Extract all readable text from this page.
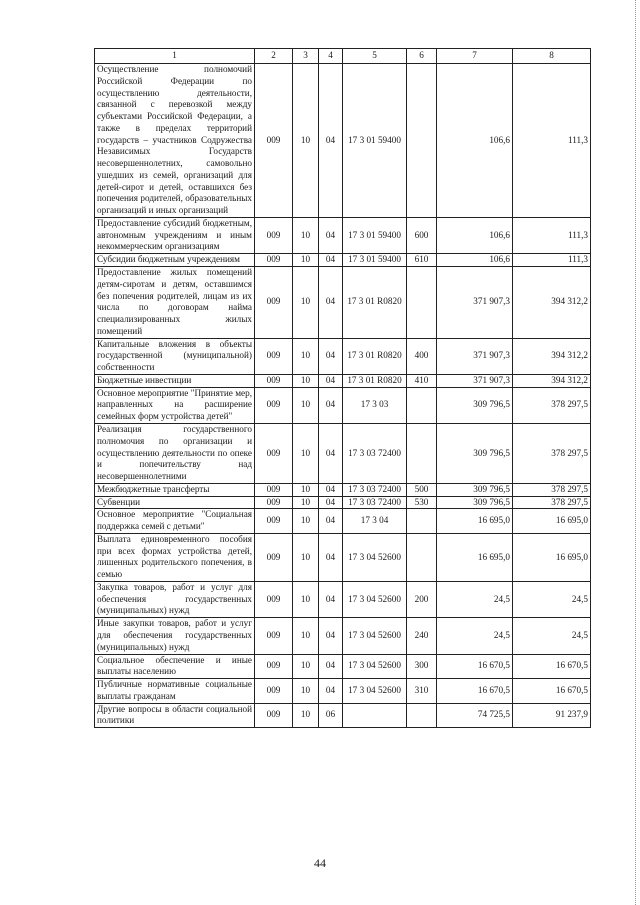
1	2	3	4	5	6	7	8
Осуществление полномочий Российской Федерации по осуществлению деятельности, связанной с перевозкой между субъектами Российской Федерации, а также в пределах территорий государств – участников Содружества Независимых Государств несовершеннолетних, самовольно ушедших из семей, организаций для детей-сирот и детей, оставшихся без попечения родителей, образовательных организаций и иных организаций	009	10	04	17 3 01 59400		106,6	111,3
Предоставление субсидий бюджетным, автономным учреждениям и иным некоммерческим организациям	009	10	04	17 3 01 59400	600	106,6	111,3
Субсидии бюджетным учреждениям	009	10	04	17 3 01 59400	610	106,6	111,3
Предоставление жилых помещений детям-сиротам и детям, оставшимся без попечения родителей, лицам из их числа по договорам найма специализированных жилых помещений	009	10	04	17 3 01 R0820		371 907,3	394 312,2
Капитальные вложения в объекты государственной (муниципальной) собственности	009	10	04	17 3 01 R0820	400	371 907,3	394 312,2
Бюджетные инвестиции	009	10	04	17 3 01 R0820	410	371 907,3	394 312,2
Основное мероприятие "Принятие мер, направленных на расширение семейных форм устройства детей"	009	10	04	17 3 03		309 796,5	378 297,5
Реализация государственного полномочия по организации и осуществлению деятельности по опеке и попечительству над несовершеннолетними	009	10	04	17 3 03 72400		309 796,5	378 297,5
Межбюджетные трансферты	009	10	04	17 3 03 72400	500	309 796,5	378 297,5
Субвенции	009	10	04	17 3 03 72400	530	309 796,5	378 297,5
Основное мероприятие "Социальная поддержка семей с детьми"	009	10	04	17 3 04		16 695,0	16 695,0
Выплата единовременного пособия при всех формах устройства детей, лишенных родительского попечения, в семью	009	10	04	17 3 04 52600		16 695,0	16 695,0
Закупка товаров, работ и услуг для обеспечения государственных (муниципальных) нужд	009	10	04	17 3 04 52600	200	24,5	24,5
Иные закупки товаров, работ и услуг для обеспечения государственных (муниципальных) нужд	009	10	04	17 3 04 52600	240	24,5	24,5
Социальное обеспечение и иные выплаты населению	009	10	04	17 3 04 52600	300	16 670,5	16 670,5
Публичные нормативные социальные выплаты гражданам	009	10	04	17 3 04 52600	310	16 670,5	16 670,5
Другие вопросы в области социальной политики	009	10	06			74 725,5	91 237,9
44
